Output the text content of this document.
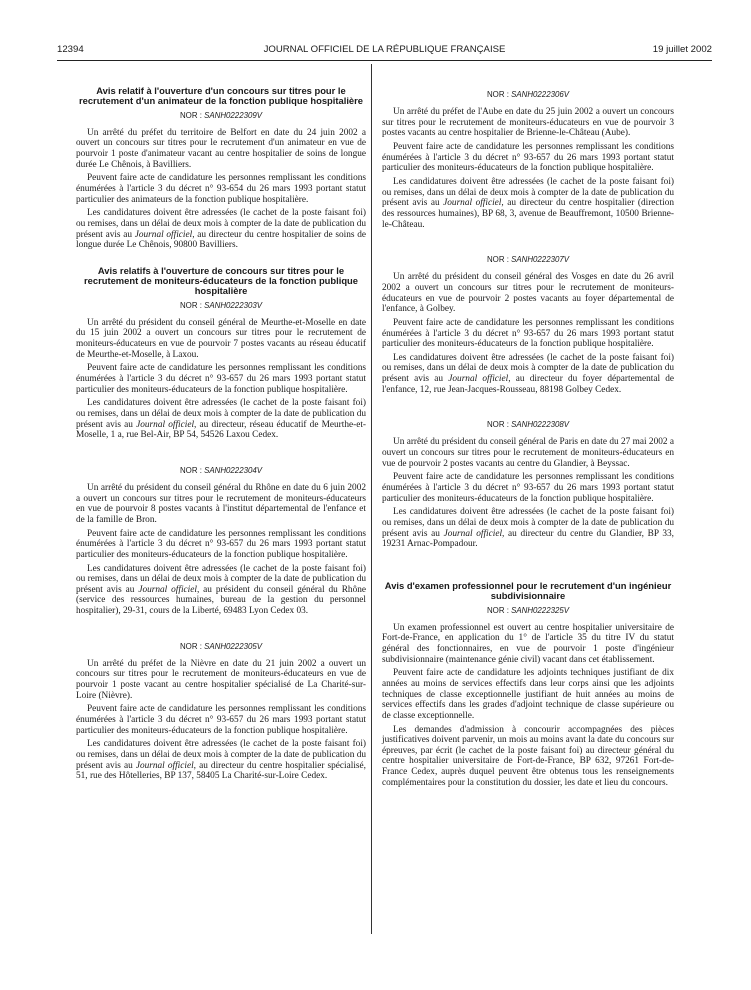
12394	JOURNAL OFFICIEL DE LA RÉPUBLIQUE FRANÇAISE	19 juillet 2002
Avis relatif à l'ouverture d'un concours sur titres pour le recrutement d'un animateur de la fonction publique hospitalière
NOR : SANH0222309V

Un arrêté du préfet du territoire de Belfort en date du 24 juin 2002 a ouvert un concours sur titres pour le recrutement d'un animateur en vue de pourvoir 1 poste d'animateur vacant au centre hospitalier de soins de longue durée Le Chênois, à Bavilliers.

Peuvent faire acte de candidature les personnes remplissant les conditions énumérées à l'article 3 du décret n° 93-654 du 26 mars 1993 portant statut particulier des animateurs de la fonction publique hospitalière.

Les candidatures doivent être adressées (le cachet de la poste faisant foi) ou remises, dans un délai de deux mois à compter de la date de publication du présent avis au Journal officiel, au directeur du centre hospitalier de soins de longue durée Le Chênois, 90800 Bavilliers.

Avis relatifs à l'ouverture de concours sur titres pour le recrutement de moniteurs-éducateurs de la fonction publique hospitalière
NOR : SANH0222303V

Un arrêté du président du conseil général de Meurthe-et-Moselle en date du 15 juin 2002 a ouvert un concours sur titres pour le recrutement de moniteurs-éducateurs en vue de pourvoir 7 postes vacants au réseau éducatif de Meurthe-et-Moselle, à Laxou.

Peuvent faire acte de candidature les personnes remplissant les conditions énumérées à l'article 3 du décret n° 93-657 du 26 mars 1993 portant statut particulier des moniteurs-éducateurs de la fonction publique hospitalière.

Les candidatures doivent être adressées (le cachet de la poste faisant foi) ou remises, dans un délai de deux mois à compter de la date de publication du présent avis au Journal officiel, au directeur, réseau éducatif de Meurthe-et-Moselle, 1 a, rue Bel-Air, BP 54, 54526 Laxou Cedex.

NOR : SANH0222304V

Un arrêté du président du conseil général du Rhône en date du 6 juin 2002 a ouvert un concours sur titres pour le recrutement de moniteurs-éducateurs en vue de pourvoir 8 postes vacants à l'institut départemental de l'enfance et de la famille de Bron.

Peuvent faire acte de candidature les personnes remplissant les conditions énumérées à l'article 3 du décret n° 93-657 du 26 mars 1993 portant statut particulier des moniteurs-éducateurs de la fonction publique hospitalière.

Les candidatures doivent être adressées (le cachet de la poste faisant foi) ou remises, dans un délai de deux mois à compter de la date de publication du présent avis au Journal officiel, au président du conseil général du Rhône (service des ressources humaines, bureau de la gestion du personnel hospitalier), 29-31, cours de la Liberté, 69483 Lyon Cedex 03.

NOR : SANH0222305V

Un arrêté du préfet de la Nièvre en date du 21 juin 2002 a ouvert un concours sur titres pour le recrutement de moniteurs-éducateurs en vue de pourvoir 1 poste vacant au centre hospitalier spécialisé de La Charité-sur-Loire (Nièvre).

Peuvent faire acte de candidature les personnes remplissant les conditions énumérées à l'article 3 du décret n° 93-657 du 26 mars 1993 portant statut particulier des moniteurs-éducateurs de la fonction publique hospitalière.

Les candidatures doivent être adressées (le cachet de la poste faisant foi) ou remises, dans un délai de deux mois à compter de la date de publication du présent avis au Journal officiel, au directeur du centre hospitalier spécialisé, 51, rue des Hôtelleries, BP 137, 58405 La Charité-sur-Loire Cedex.

NOR : SANH0222306V

Un arrêté du préfet de l'Aube en date du 25 juin 2002 a ouvert un concours sur titres pour le recrutement de moniteurs-éducateurs en vue de pourvoir 3 postes vacants au centre hospitalier de Brienne-le-Château (Aube).

Peuvent faire acte de candidature les personnes remplissant les conditions énumérées à l'article 3 du décret n° 93-657 du 26 mars 1993 portant statut particulier des moniteurs-éducateurs de la fonction publique hospitalière.

Les candidatures doivent être adressées (le cachet de la poste faisant foi) ou remises, dans un délai de deux mois à compter de la date de publication du présent avis au Journal officiel, au directeur du centre hospitalier (direction des ressources humaines), BP 68, 3, avenue de Beauffremont, 10500 Brienne-le-Château.

NOR : SANH0222307V

Un arrêté du président du conseil général des Vosges en date du 26 avril 2002 a ouvert un concours sur titres pour le recrutement de moniteurs-éducateurs en vue de pourvoir 2 postes vacants au foyer départemental de l'enfance, à Golbey.

Peuvent faire acte de candidature les personnes remplissant les conditions énumérées à l'article 3 du décret n° 93-657 du 26 mars 1993 portant statut particulier des moniteurs-éducateurs de la fonction publique hospitalière.

Les candidatures doivent être adressées (le cachet de la poste faisant foi) ou remises, dans un délai de deux mois à compter de la date de publication du présent avis au Journal officiel, au directeur du foyer départemental de l'enfance, 12, rue Jean-Jacques-Rousseau, 88198 Golbey Cedex.

NOR : SANH0222308V

Un arrêté du président du conseil général de Paris en date du 27 mai 2002 a ouvert un concours sur titres pour le recrutement de moniteurs-éducateurs en vue de pourvoir 2 postes vacants au centre du Glandier, à Beyssac.

Peuvent faire acte de candidature les personnes remplissant les conditions énumérées à l'article 3 du décret n° 93-657 du 26 mars 1993 portant statut particulier des moniteurs-éducateurs de la fonction publique hospitalière.

Les candidatures doivent être adressées (le cachet de la poste faisant foi) ou remises, dans un délai de deux mois à compter de la date de publication du présent avis au Journal officiel, au directeur du centre du Glandier, BP 33, 19231 Arnac-Pompadour.

Avis d'examen professionnel pour le recrutement d'un ingénieur subdivisionnaire
NOR : SANH0222325V

Un examen professionnel est ouvert au centre hospitalier universitaire de Fort-de-France, en application du 1° de l'article 35 du titre IV du statut général des fonctionnaires, en vue de pourvoir 1 poste d'ingénieur subdivisionnaire (maintenance génie civil) vacant dans cet établissement.

Peuvent faire acte de candidature les adjoints techniques justifiant de dix années au moins de services effectifs dans leur corps ainsi que les adjoints techniques de classe exceptionnelle justifiant de huit années au moins de services effectifs dans les grades d'adjoint technique de classe supérieure ou de classe exceptionnelle.

Les demandes d'admission à concourir accompagnées des pièces justificatives doivent parvenir, un mois au moins avant la date du concours sur épreuves, par écrit (le cachet de la poste faisant foi) au directeur général du centre hospitalier universitaire de Fort-de-France, BP 632, 97261 Fort-de-France Cedex, auprès duquel peuvent être obtenus tous les renseignements complémentaires pour la constitution du dossier, les date et lieu du concours.
